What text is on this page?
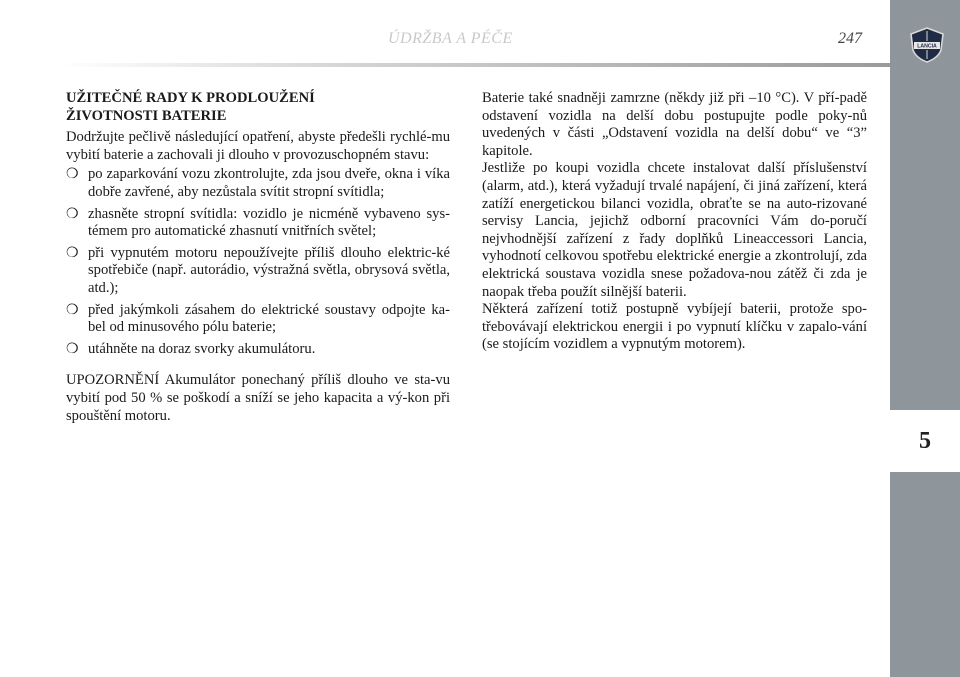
ÚDRŽBA A PÉČE	247	LANCIA
5
UŽITEČNÉ RADY K PRODLOUŽENÍ
ŽIVOTNOSTI BATERIE

Dodržujte pečlivě následující opatření, abyste předešli rychlé-mu vybití baterie a zachovali ji dlouho v provozuschopném stavu:

❍ po zaparkování vozu zkontrolujte, zda jsou dveře, okna i víka dobře zavřené, aby nezůstala svítit stropní svítidla;
❍ zhasněte stropní svítidla: vozidlo je nicméně vybaveno sys-témem pro automatické zhasnutí vnitřních světel;
❍ při vypnutém motoru nepoužívejte příliš dlouho elektric-ké spotřebiče (např. autorádio, výstražná světla, obrysová světla, atd.);
❍ před jakýmkoli zásahem do elektrické soustavy odpojte ka-bel od minusového pólu baterie;
❍ utáhněte na doraz svorky akumulátoru.

UPOZORNĚNÍ Akumulátor ponechaný příliš dlouho ve sta-vu vybití pod 50 % se poškodí a sníží se jeho kapacita a vý-kon při spouštění motoru.

Baterie také snadněji zamrzne (někdy již při –10 °C). V pří-padě odstavení vozidla na delší dobu postupujte podle poky-nů uvedených v části „Odstavení vozidla na delší dobu“ ve “3” kapitole.

Jestliže po koupi vozidla chcete instalovat další příslušenství (alarm, atd.), která vyžadují trvalé napájení, či jiná zařízení, která zatíží energetickou bilanci vozidla, obraťte se na auto-rizované servisy Lancia, jejichž odborní pracovníci Vám do-poručí nejvhodnější zařízení z řady doplňků Lineaccessori Lancia, vyhodnotí celkovou spotřebu elektrické energie a zkontrolují, zda elektrická soustava vozidla snese požadova-nou zátěž či zda je naopak třeba použít silnější baterii.

Některá zařízení totiž postupně vybíjejí baterii, protože spo-třebovávají elektrickou energii i po vypnutí klíčku v zapalo-vání (se stojícím vozidlem a vypnutým motorem).
